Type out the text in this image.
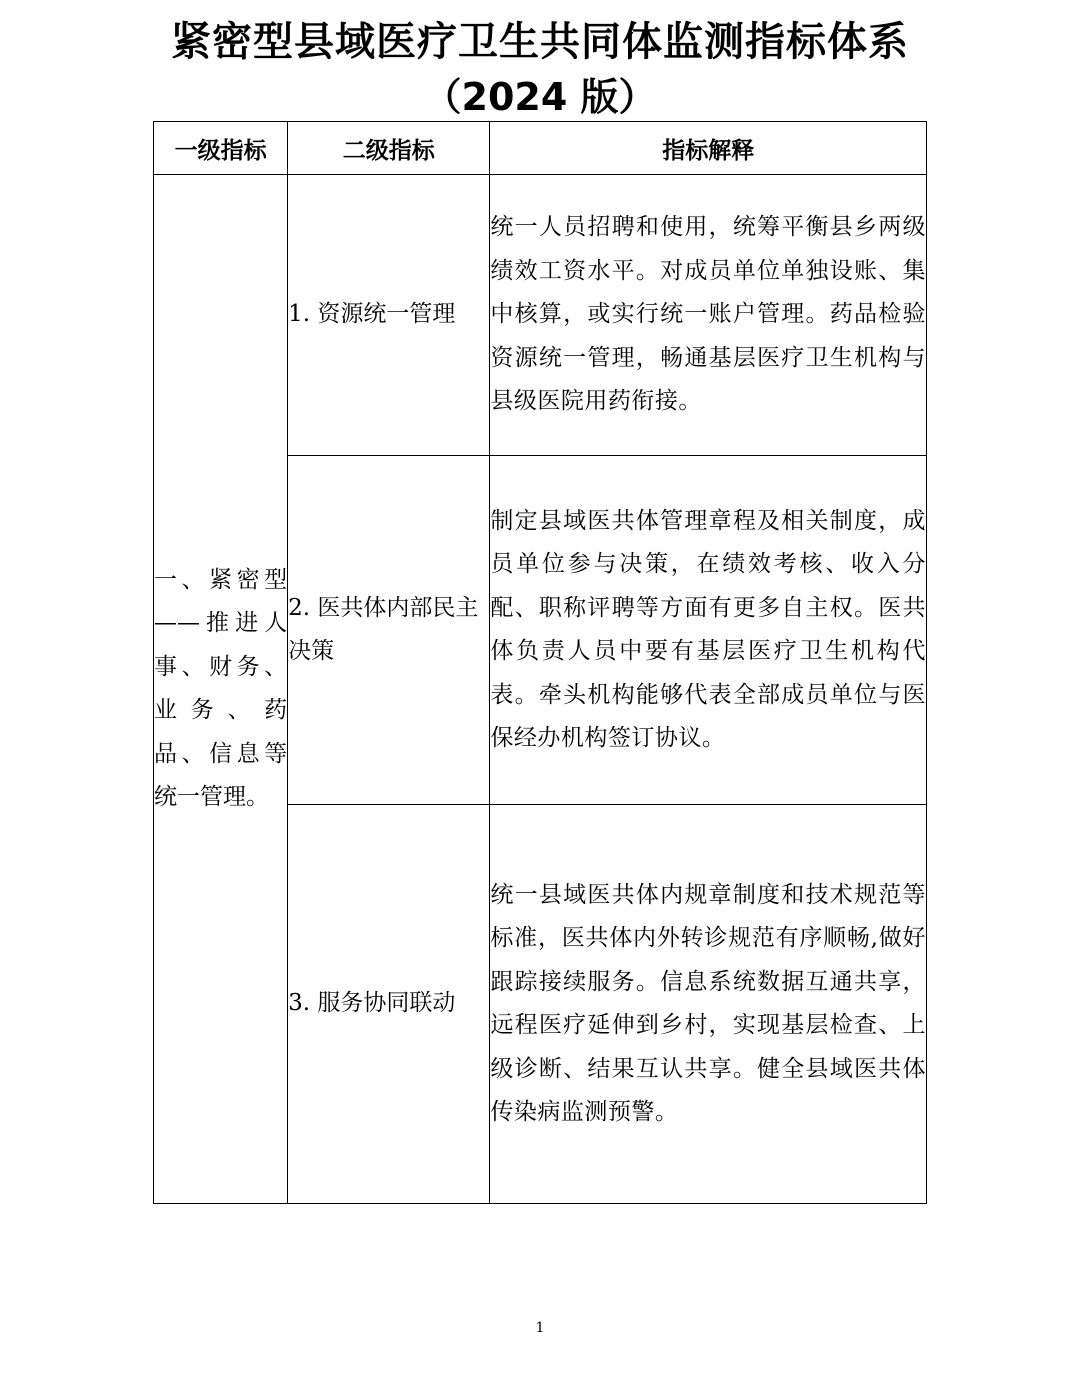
紧密型县域医疗卫生共同体监测指标体系
（2024 版）
一级指标	二级指标	指标解释
一、紧密型——推进人事、财务、业务、药品、信息等统一管理。	1. 资源统一管理	统一人员招聘和使用，统筹平衡县乡两级绩效工资水平。对成员单位单独设账、集中核算，或实行统一账户管理。药品检验资源统一管理，畅通基层医疗卫生机构与县级医院用药衔接。
	2. 医共体内部民主决策	制定县域医共体管理章程及相关制度，成员单位参与决策，在绩效考核、收入分配、职称评聘等方面有更多自主权。医共体负责人员中要有基层医疗卫生机构代表。牵头机构能够代表全部成员单位与医保经办机构签订协议。
	3. 服务协同联动	统一县域医共体内规章制度和技术规范等标准，医共体内外转诊规范有序顺畅,做好跟踪接续服务。信息系统数据互通共享，远程医疗延伸到乡村，实现基层检查、上级诊断、结果互认共享。健全县域医共体传染病监测预警。
1
